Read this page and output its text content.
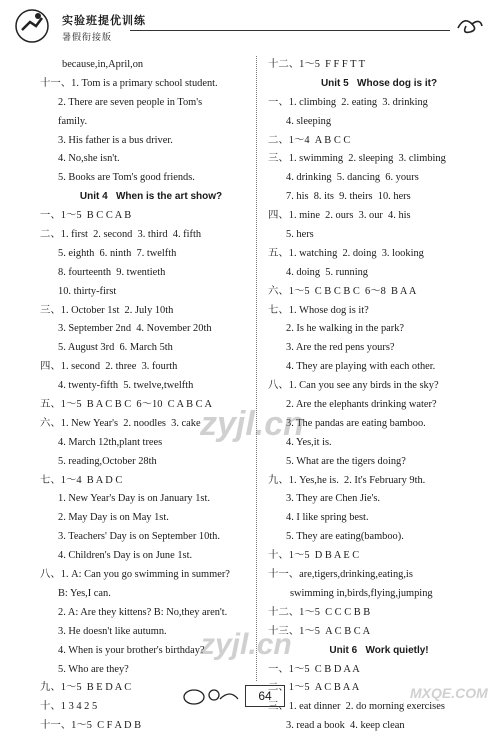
实验班提优训练
暑假衔接版
because,in,April,on
十一、1. Tom is a primary school student.
2. There are seven people in Tom's
family.
3. His father is a bus driver.
4. No,she isn't.
5. Books are Tom's good friends.
Unit 4   When is the art show?
一、1～5  B C C A B
二、1. first  2. second  3. third  4. fifth
5. eighth  6. ninth  7. twelfth
8. fourteenth  9. twentieth
10. thirty-first
三、1. October 1st  2. July 10th
3. September 2nd  4. November 20th
5. August 3rd  6. March 5th
四、1. second  2. three  3. fourth
4. twenty-fifth  5. twelve,twelfth
五、1～5  B A C B C  6～10  C A B C A
六、1. New Year's  2. noodles  3. cake
4. March 12th,plant trees
5. reading,October 28th
七、1～4  B A D C
1. New Year's Day is on January 1st.
2. May Day is on May 1st.
3. Teachers' Day is on September 10th.
4. Children's Day is on June 1st.
八、1. A: Can you go swimming in summer?
B: Yes,I can.
2. A: Are they kittens? B: No,they aren't.
3. He doesn't like autumn.
4. When is your brother's birthday?
5. Who are they?
九、1～5  B E D A C
十、1 3 4 2 5
十一、1～5  C F A D B
十二、1～5  F F F T T
Unit 5   Whose dog is it?
一、1. climbing  2. eating  3. drinking
4. sleeping
二、1～4  A B C C
三、1. swimming  2. sleeping  3. climbing
4. drinking  5. dancing  6. yours
7. his  8. its  9. theirs  10. hers
四、1. mine  2. ours  3. our  4. his
5. hers
五、1. watching  2. doing  3. looking
4. doing  5. running
六、1～5  C B C B C  6～8  B A A
七、1. Whose dog is it?
2. Is he walking in the park?
3. Are the red pens yours?
4. They are playing with each other.
八、1. Can you see any birds in the sky?
2. Are the elephants drinking water?
3. The pandas are eating bamboo.
4. Yes,it is.
5. What are the tigers doing?
九、1. Yes,he is.  2. It's February 9th.
3. They are Chen Jie's.
4. I like spring best.
5. They are eating(bamboo).
十、1～5  D B A E C
十一、are,tigers,drinking,eating,is
swimming in,birds,flying,jumping
十二、1～5  C C C B B
十三、1～5  A C B C A
Unit 6   Work quietly!
一、1～5  C B D A A
二、1～5  A C B A A
三、1. eat dinner  2. do morning exercises
3. read a book  4. keep clean
zyjl.cn
zyjl.cn
64	MXQE.COM
